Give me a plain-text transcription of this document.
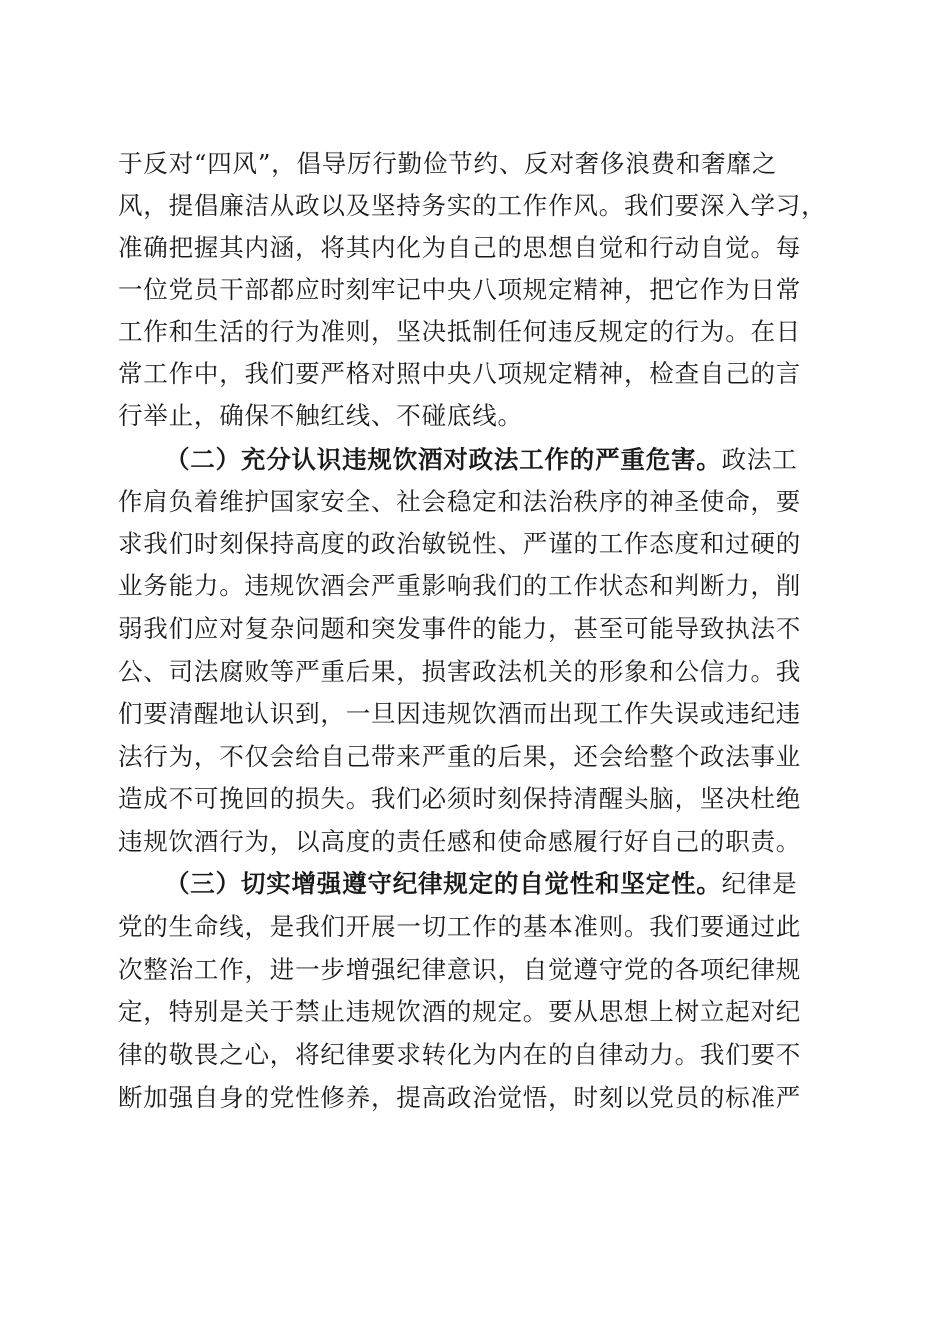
于反对“四风”，倡导厉行勤俭节约、反对奢侈浪费和奢靡之
风，提倡廉洁从政以及坚持务实的工作作风。我们要深入学习，
准确把握其内涵，将其内化为自己的思想自觉和行动自觉。每
一位党员干部都应时刻牢记中央八项规定精神，把它作为日常
工作和生活的行为准则，坚决抵制任何违反规定的行为。在日
常工作中，我们要严格对照中央八项规定精神，检查自己的言
行举止，确保不触红线、不碰底线。
（二）充分认识违规饮酒对政法工作的严重危害。政法工
作肩负着维护国家安全、社会稳定和法治秩序的神圣使命，要
求我们时刻保持高度的政治敏锐性、严谨的工作态度和过硬的
业务能力。违规饮酒会严重影响我们的工作状态和判断力，削
弱我们应对复杂问题和突发事件的能力，甚至可能导致执法不
公、司法腐败等严重后果，损害政法机关的形象和公信力。我
们要清醒地认识到，一旦因违规饮酒而出现工作失误或违纪违
法行为，不仅会给自己带来严重的后果，还会给整个政法事业
造成不可挽回的损失。我们必须时刻保持清醒头脑，坚决杜绝
违规饮酒行为，以高度的责任感和使命感履行好自己的职责。
（三）切实增强遵守纪律规定的自觉性和坚定性。纪律是
党的生命线，是我们开展一切工作的基本准则。我们要通过此
次整治工作，进一步增强纪律意识，自觉遵守党的各项纪律规
定，特别是关于禁止违规饮酒的规定。要从思想上树立起对纪
律的敬畏之心，将纪律要求转化为内在的自律动力。我们要不
断加强自身的党性修养，提高政治觉悟，时刻以党员的标准严
